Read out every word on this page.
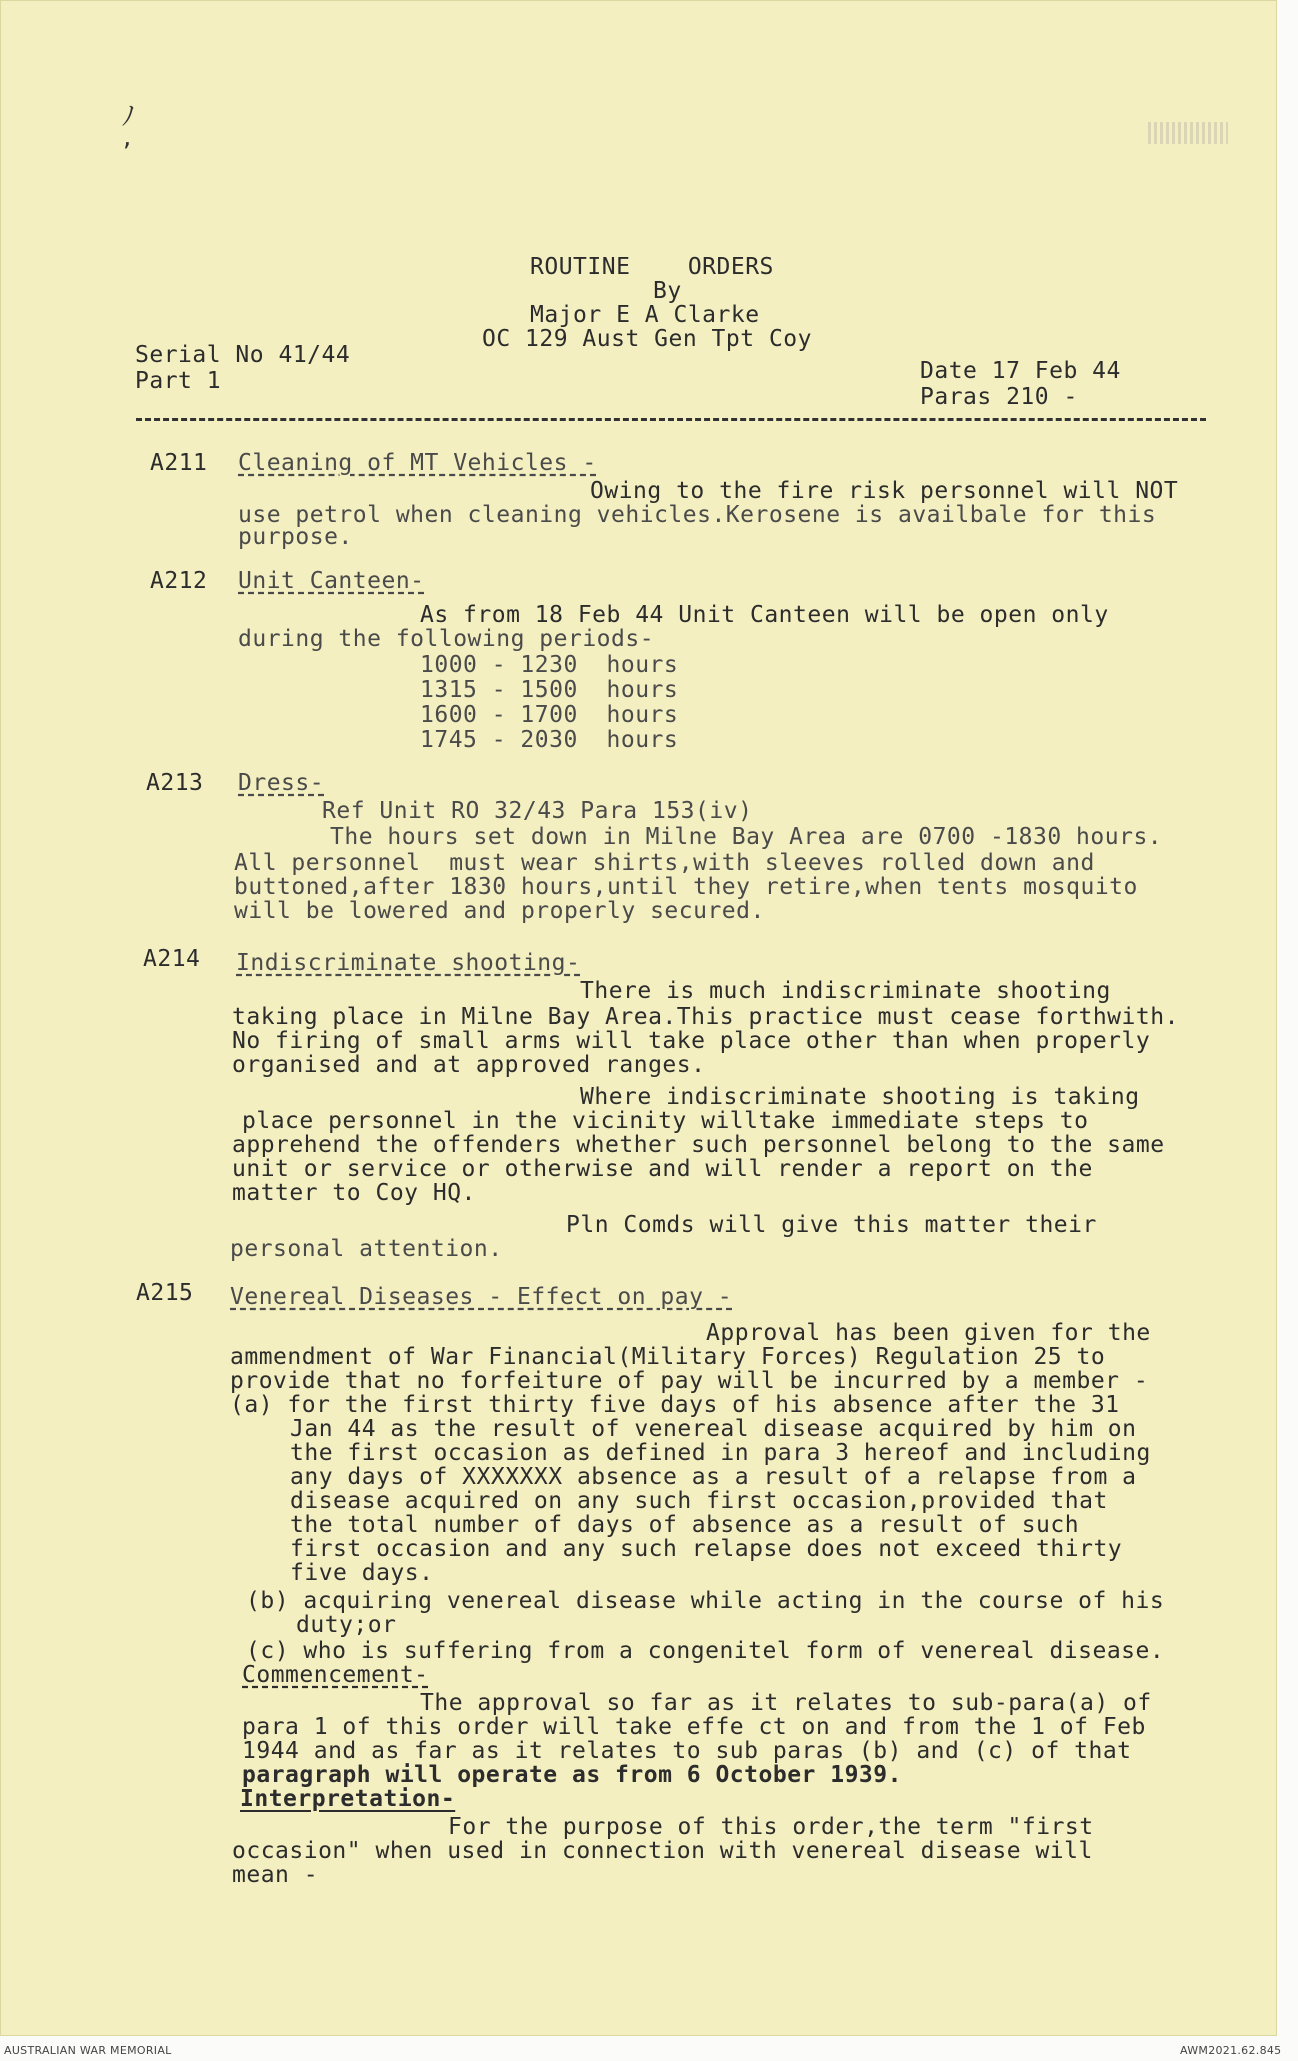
ﾉ
ʼ
ROUTINE    ORDERS
By
Major E A Clarke
OC 129 Aust Gen Tpt Coy
Serial No 41/44
Part 1	Date 17 Feb 44
Paras 210 -
A211 Cleaning of MT Vehicles -
Owing to the fire risk personnel will NOT
use petrol when cleaning vehicles.Kerosene is availbale for this
purpose.
A212 Unit Canteen-
As from 18 Feb 44 Unit Canteen will be open only
during the following periods-
1000 - 1230  hours
1315 - 1500  hours
1600 - 1700  hours
1745 - 2030  hours
A213 Dress-
Ref Unit RO 32/43 Para 153(iv)
The hours set down in Milne Bay Area are 0700 -1830 hours.
All personnel  must wear shirts,with sleeves rolled down and
buttoned,after 1830 hours,until they retire,when tents mosquito
will be lowered and properly secured.
A214 Indiscriminate shooting-
There is much indiscriminate shooting
taking place in Milne Bay Area.This practice must cease forthwith.
No firing of small arms will take place other than when properly
organised and at approved ranges.
Where indiscriminate shooting is taking
place personnel in the vicinity willtake immediate steps to
apprehend the offenders whether such personnel belong to the same
unit or service or otherwise and will render a report on the
matter to Coy HQ.
Pln Comds will give this matter their
personal attention.
A215 Venereal Diseases - Effect on pay -
Approval has been given for the
ammendment of War Financial(Military Forces) Regulation 25 to
provide that no forfeiture of pay will be incurred by a member -
(a) for the first thirty five days of his absence after the 31
Jan 44 as the result of venereal disease acquired by him on
the first occasion as defined in para 3 hereof and including
any days of XXXXXXX absence as a result of a relapse from a
disease acquired on any such first occasion,provided that
the total number of days of absence as a result of such
first occasion and any such relapse does not exceed thirty
five days.
(b) acquiring venereal disease while acting in the course of his
duty;or
(c) who is suffering from a congenitel form of venereal disease.
Commencement-
The approval so far as it relates to sub-para(a) of
para 1 of this order will take effe ct on and from the 1 of Feb
1944 and as far as it relates to sub paras (b) and (c) of that
paragraph will operate as from 6 October 1939.
Interpretation-
For the purpose of this order,the term "first
occasion" when used in connection with venereal disease will
mean -
AUSTRALIAN WAR MEMORIAL	AWM2021.62.845
